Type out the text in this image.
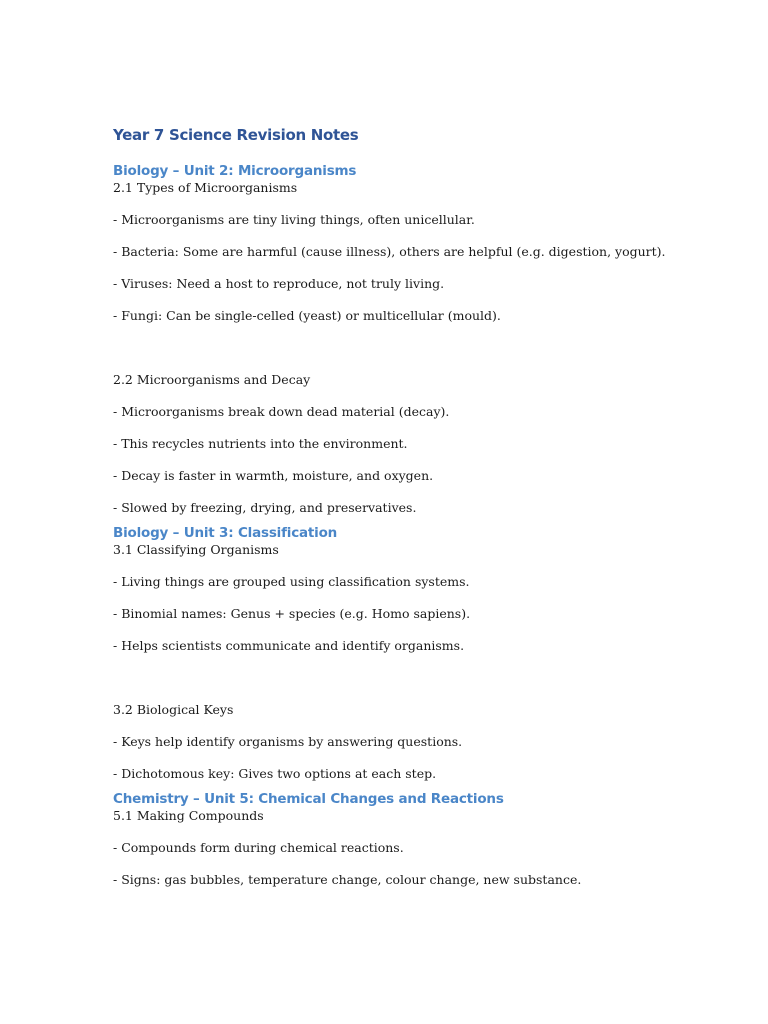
Year 7 Science Revision Notes
Biology – Unit 2: Microorganisms
2.1 Types of Microorganisms
- Microorganisms are tiny living things, often unicellular.
- Bacteria: Some are harmful (cause illness), others are helpful (e.g. digestion, yogurt).
- Viruses: Need a host to reproduce, not truly living.
- Fungi: Can be single-celled (yeast) or multicellular (mould).
2.2 Microorganisms and Decay
- Microorganisms break down dead material (decay).
- This recycles nutrients into the environment.
- Decay is faster in warmth, moisture, and oxygen.
- Slowed by freezing, drying, and preservatives.
Biology – Unit 3: Classification
3.1 Classifying Organisms
- Living things are grouped using classification systems.
- Binomial names: Genus + species (e.g. Homo sapiens).
- Helps scientists communicate and identify organisms.
3.2 Biological Keys
- Keys help identify organisms by answering questions.
- Dichotomous key: Gives two options at each step.
Chemistry – Unit 5: Chemical Changes and Reactions
5.1 Making Compounds
- Compounds form during chemical reactions.
- Signs: gas bubbles, temperature change, colour change, new substance.
